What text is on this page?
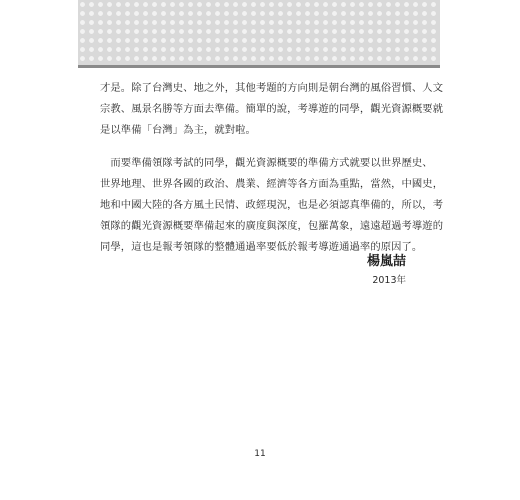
才是。除了台灣史、地之外，其他考題的方向則是朝台灣的風俗習慣、人文
宗教、風景名勝等方面去準備。簡單的說，考導遊的同學，觀光資源概要就
是以準備「台灣」為主，就對啦。

　而要準備領隊考試的同學，觀光資源概要的準備方式就要以世界歷史、
世界地理、世界各國的政治、農業、經濟等各方面為重點，當然，中國史，
地和中國大陸的各方風土民情、政經現況，也是必須認真準備的，所以，考
領隊的觀光資源概要準備起來的廣度與深度，包羅萬象，遠遠超過考導遊的
同學，這也是報考領隊的整體通過率要低於報考導遊通過率的原因了。

楊嵐喆
2013年
11
